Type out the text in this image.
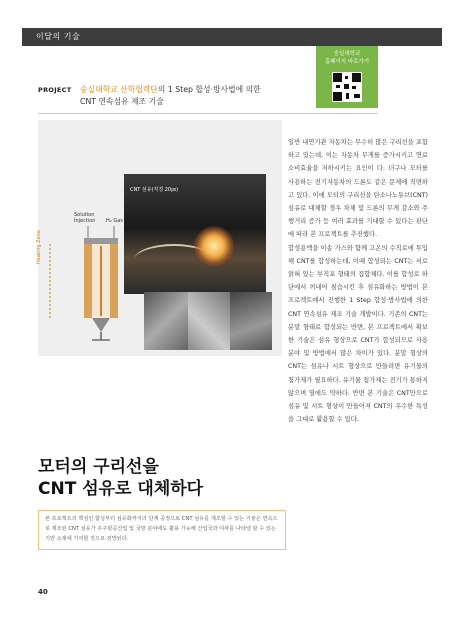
이달의 기술
숭실대학교
홈페이지 바로가기
PROJECT 숭실대학교 산학협력단의 1 Step 합성·방사법에 의한
CNT 연속섬유 제조 기술
Solution
Injection H₂ Gas
Heating Zone
CNT 섬유(직경 20㎛)

일반 내연기관 자동차는 무수히 많은 구리선을 포함하고 있는데, 이는 자동차 무게를 증가시키고 연료소비효율을 저하시키는 요인이 다. 더구나 모터를 사용하는 전기자동차의 드론도 같은 문제에 직면하고 있다. 이에 모터의 구리선을 탄소나노튜브(CNT) 섬유로 대체할 경우 차체 및 드론의 무게 감소와 주행거리 증가 등 여러 효과를 기대할 수 있다는 판단에 따라 본 프로젝트를 추진했다.

합성용액을 이송 가스와 함께 고온의 수직로에 투입해 CNT를 합성하는데, 이때 합성되는 CNT는 서로 얽혀 있는 부직포 형태의 집합체다. 이를 합성로 하단에서 꺼내어 침습시킨 후 섬유화하는 방법이 본 프로젝트에서 진행한 1 Step 합성·방사법에 의한 CNT 연속섬유 제조 기술 개발이다. 기존의 CNT는 분말 형태로 합성되는 반면, 본 프로젝트에서 확보한 기술은 섬유 형상으로 CNT가 합성되므로 사용 분야 및 방법에서 많은 차이가 있다. 분말 형상의 CNT는 섬유나 시트 형상으로 만들려면 유기물의 첨가제가 필요하다. 유기물 첨가제는 전기가 통하지 않으며 열에도 약하다. 반면 본 기술은 CNT만으로 섬유 및 시트 형상이 만들어져 CNT의 우수한 특성을 그대로 활용할 수 있다.

모터의 구리선을
CNT 섬유로 대체하다

본 프로젝트의 핵심인 합성부터 섬유화까지의 단계 공정으로 CNT 섬유를 제조할 수 있는 기술은 연속으로 제조된 CNT 섬유가 우주항공산업 및 국방 분야에도 활용 가능해 산업국과 여파를 나타낼 할 수 있는 기반 소재에 기여할 것으로 전망된다.

40
